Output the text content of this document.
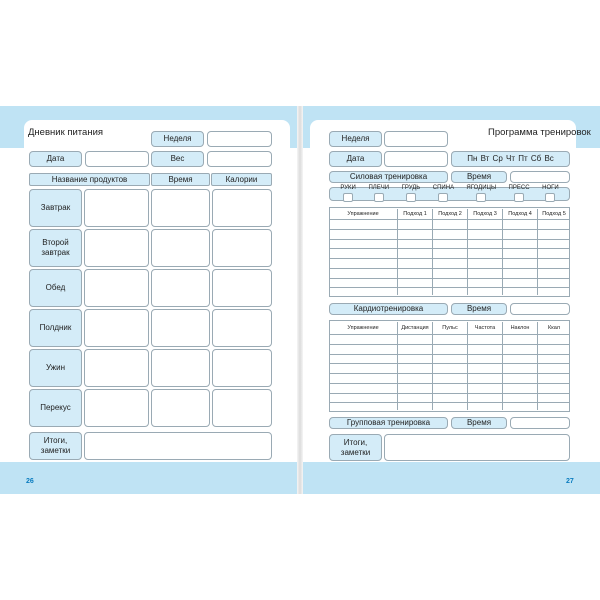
Дневник питания
Неделя
Дата	Вес
Название продуктов	Время	Калории
Завтрак
Второй завтрак
Обед
Полдник
Ужин
Перекус
Итоги, заметки
26
Неделя
Программа тренировок
Дата	Пн Вт Ср Чт Пт Сб Вс
Силовая тренировка	Время
РУКИ	ПЛЕЧИ	ГРУДЬ	СПИНА	ЯГОДИЦЫ	ПРЕСС	НОГИ
Упражнение	Подход 1	Подход 2	Подход 3	Подход 4	Подход 5
Кардиотренировка	Время
Упражнение	Дистанция	Пульс	Частота	Наклон	Ккал
Групповая тренировка	Время
Итоги, заметки
27
